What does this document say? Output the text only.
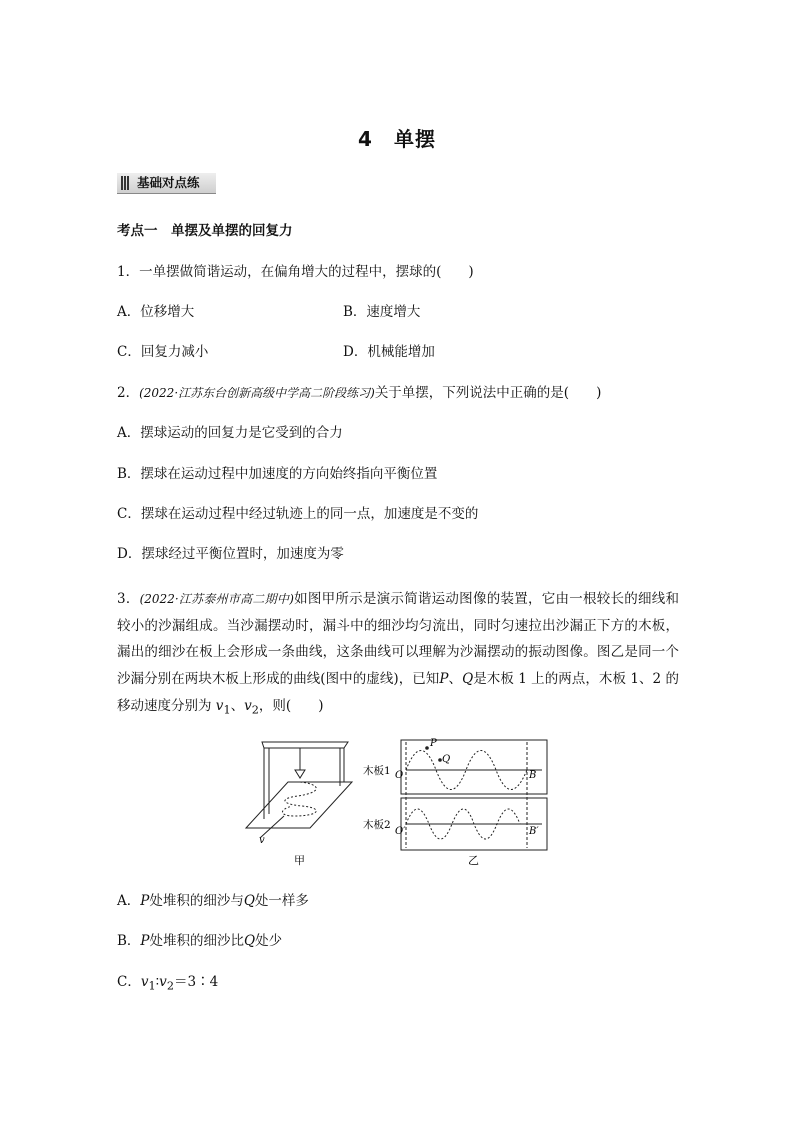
4　单摆
基础对点练
考点一　单摆及单摆的回复力
1．一单摆做简谐运动，在偏角增大的过程中，摆球的(　　)
A．位移增大	B．速度增大
C．回复力减小	D．机械能增加
2．(2022·江苏东台创新高级中学高二阶段练习)关于单摆，下列说法中正确的是(　　)
A．摆球运动的回复力是它受到的合力
B．摆球在运动过程中加速度的方向始终指向平衡位置
C．摆球在运动过程中经过轨迹上的同一点，加速度是不变的
D．摆球经过平衡位置时，加速度为零
3．(2022·江苏泰州市高二期中)如图甲所示是演示简谐运动图像的装置，它由一根较长的细线和较小的沙漏组成。当沙漏摆动时，漏斗中的细沙均匀流出，同时匀速拉出沙漏正下方的木板，漏出的细沙在板上会形成一条曲线，这条曲线可以理解为沙漏摆动的振动图像。图乙是同一个沙漏分别在两块木板上形成的曲线(图中的虚线)，已知P、Q是木板 1 上的两点，木板 1、2 的移动速度分别为 $v_1$、$v_2$，则(　　)
v
甲
P
Q
O	B
O′	B′
木板1
木板2
乙
A．P处堆积的细沙与Q处一样多
B．P处堆积的细沙比Q处少
C．$v_1∶v_2=3∶4$
